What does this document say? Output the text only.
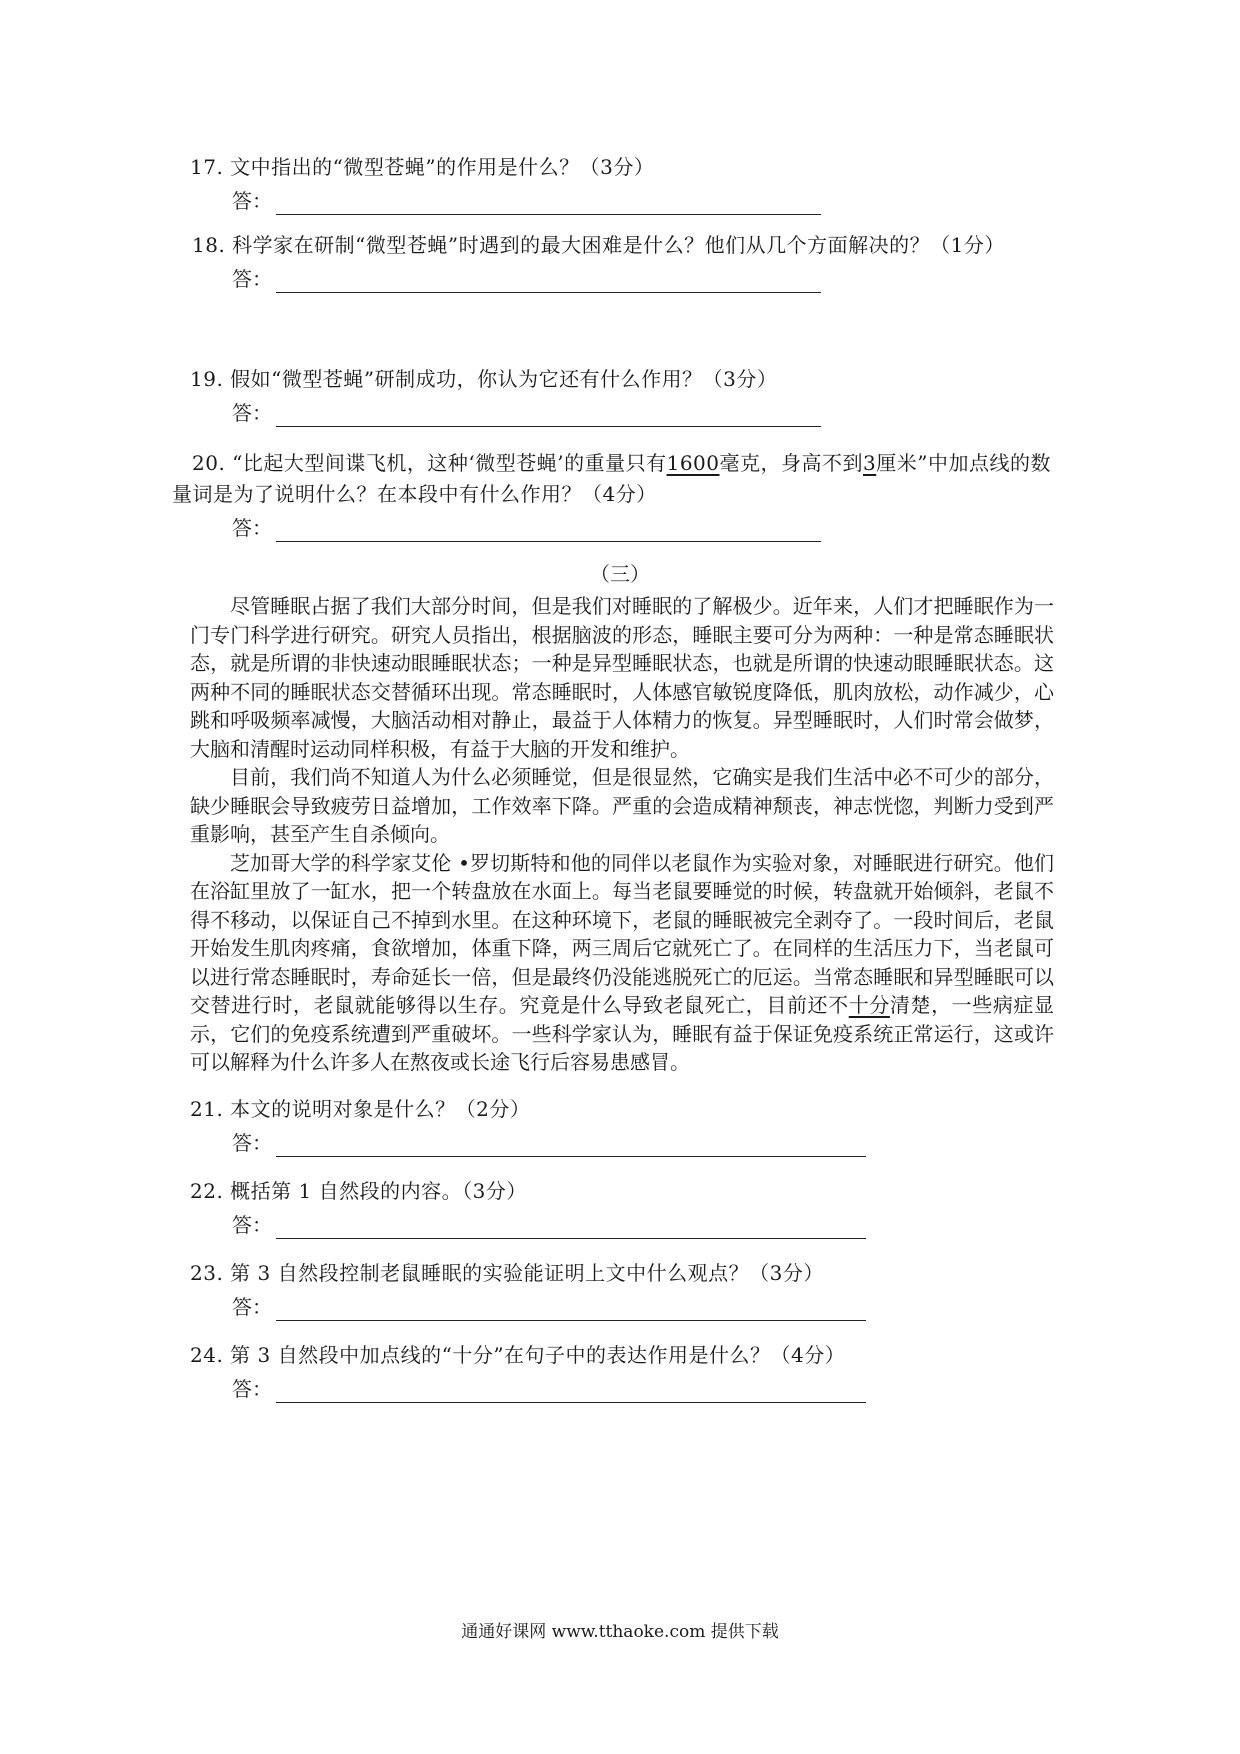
17. 文中指出的“微型苍蝇”的作用是什么？（3分）

答：

18. 科学家在研制“微型苍蝇”时遇到的最大困难是什么？他们从几个方面解决的？（1分）

答：

19. 假如“微型苍蝇”研制成功，你认为它还有什么作用？（3分）

答：

20. “比起大型间谍飞机，这种‘微型苍蝇’的重量只有1600毫克，身高不到3厘米”中加点线的数量词是为了说明什么？在本段中有什么作用？（4分）

答：
（三）

尽管睡眠占据了我们大部分时间，但是我们对睡眠的了解极少。近年来，人们才把睡眠作为一门专门科学进行研究。研究人员指出，根据脑波的形态，睡眠主要可分为两种：一种是常态睡眠状态，就是所谓的非快速动眼睡眠状态；一种是异型睡眠状态，也就是所谓的快速动眼睡眠状态。这两种不同的睡眠状态交替循环出现。常态睡眠时，人体感官敏锐度降低，肌肉放松，动作减少，心跳和呼吸频率减慢，大脑活动相对静止，最益于人体精力的恢复。异型睡眠时，人们时常会做梦，大脑和清醒时运动同样积极，有益于大脑的开发和维护。

目前，我们尚不知道人为什么必须睡觉，但是很显然，它确实是我们生活中必不可少的部分，缺少睡眠会导致疲劳日益增加，工作效率下降。严重的会造成精神颓丧，神志恍惚，判断力受到严重影响，甚至产生自杀倾向。

芝加哥大学的科学家艾伦 •罗切斯特和他的同伴以老鼠作为实验对象，对睡眠进行研究。他们在浴缸里放了一缸水，把一个转盘放在水面上。每当老鼠要睡觉的时候，转盘就开始倾斜，老鼠不得不移动，以保证自己不掉到水里。在这种环境下，老鼠的睡眠被完全剥夺了。一段时间后，老鼠开始发生肌肉疼痛，食欲增加，体重下降，两三周后它就死亡了。在同样的生活压力下，当老鼠可以进行常态睡眠时，寿命延长一倍，但是最终仍没能逃脱死亡的厄运。当常态睡眠和异型睡眠可以交替进行时，老鼠就能够得以生存。究竟是什么导致老鼠死亡，目前还不十分清楚，一些病症显示，它们的免疫系统遭到严重破坏。一些科学家认为，睡眠有益于保证免疫系统正常运行，这或许可以解释为什么许多人在熬夜或长途飞行后容易患感冒。

21. 本文的说明对象是什么？（2分）

答：

22. 概括第 1 自然段的内容。（3分）

答：

23. 第 3 自然段控制老鼠睡眠的实验能证明上文中什么观点？（3分）

答：

24. 第 3 自然段中加点线的“十分”在句子中的表达作用是什么？（4分）

答：
通通好课网 www.tthaoke.com 提供下载
